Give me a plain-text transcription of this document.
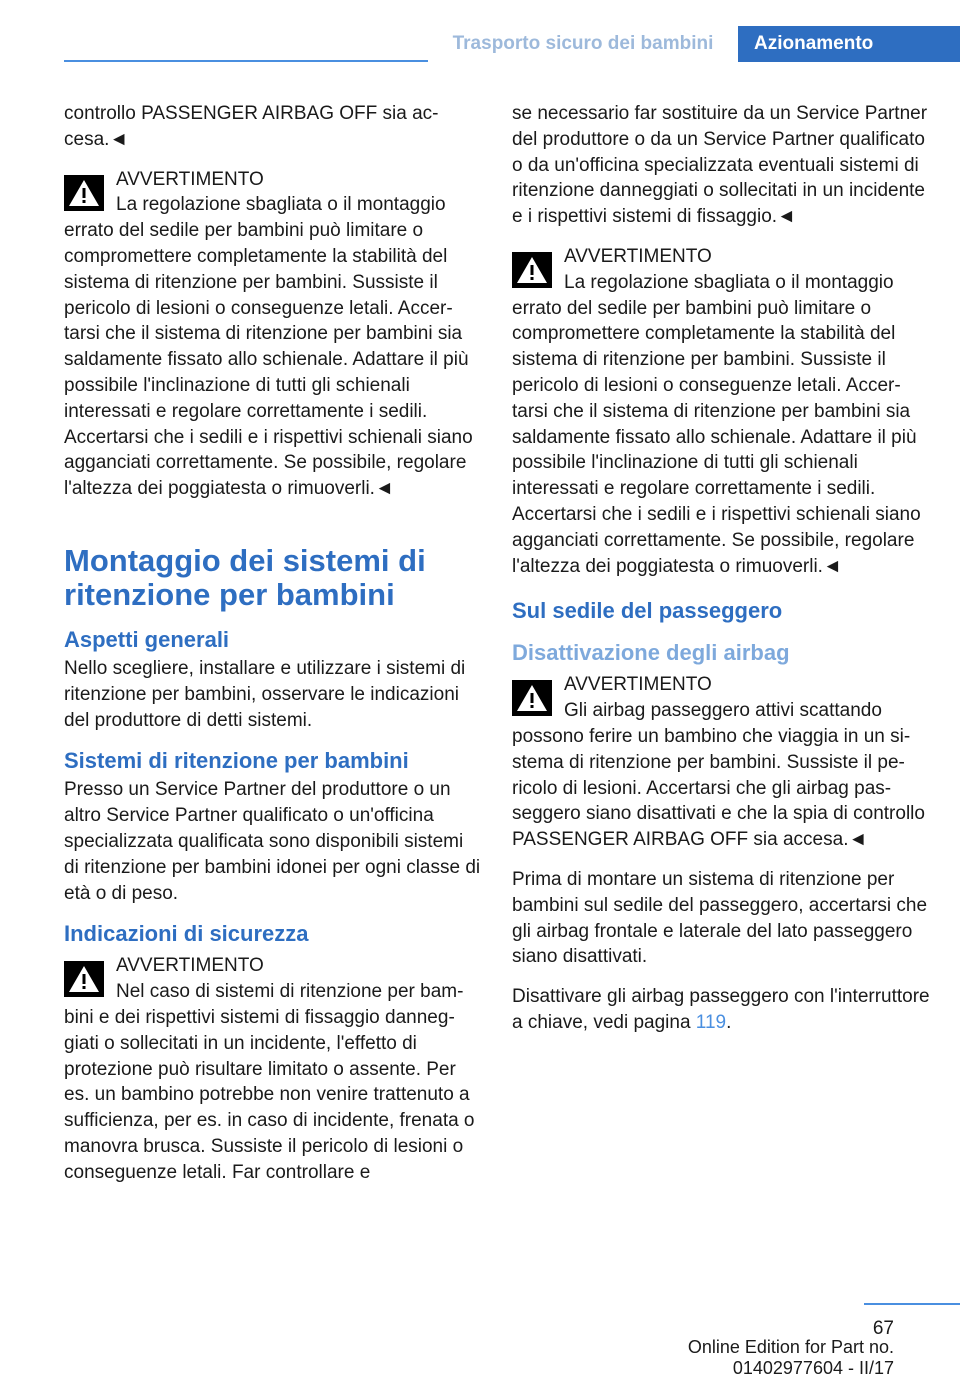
Trasporto sicuro dei bambini	Azionamento

controllo PASSENGER AIRBAG OFF sia accesa.◄

AVVERTIMENTO

La regolazione sbagliata o il montaggio errato del sedile per bambini può limitare o compromettere completamente la stabilità del sistema di ritenzione per bambini. Sussiste il pericolo di lesioni o conseguenze letali. Accertarsi che il sistema di ritenzione per bambini sia saldamente fissato allo schienale. Adattare il più possibile l'inclinazione di tutti gli schienali interessati e regolare correttamente i sedili. Accertarsi che i sedili e i rispettivi schienali siano agganciati correttamente. Se possibile, regolare l'altezza dei poggiatesta o rimuoverli.◄

Montaggio dei sistemi di ritenzione per bambini
Aspetti generali

Nello scegliere, installare e utilizzare i sistemi di ritenzione per bambini, osservare le indicazioni del produttore di detti sistemi.

Sistemi di ritenzione per bambini

Presso un Service Partner del produttore o un altro Service Partner qualificato o un'officina specializzata qualificata sono disponibili sistemi di ritenzione per bambini idonei per ogni classe di età o di peso.

Indicazioni di sicurezza

AVVERTIMENTO

Nel caso di sistemi di ritenzione per bambini e dei rispettivi sistemi di fissaggio danneggiati o sollecitati in un incidente, l'effetto di protezione può risultare limitato o assente. Per es. un bambino potrebbe non venire trattenuto a sufficienza, per es. in caso di incidente, frenata o manovra brusca. Sussiste il pericolo di lesioni o conseguenze letali. Far controllare e

se necessario far sostituire da un Service Partner del produttore o da un Service Partner qualificato o da un'officina specializzata eventuali sistemi di ritenzione danneggiati o sollecitati in un incidente e i rispettivi sistemi di fissaggio.◄

AVVERTIMENTO

La regolazione sbagliata o il montaggio errato del sedile per bambini può limitare o compromettere completamente la stabilità del sistema di ritenzione per bambini. Sussiste il pericolo di lesioni o conseguenze letali. Accertarsi che il sistema di ritenzione per bambini sia saldamente fissato allo schienale. Adattare il più possibile l'inclinazione di tutti gli schienali interessati e regolare correttamente i sedili. Accertarsi che i sedili e i rispettivi schienali siano agganciati correttamente. Se possibile, regolare l'altezza dei poggiatesta o rimuoverli.◄

Sul sedile del passeggero
Disattivazione degli airbag

AVVERTIMENTO

Gli airbag passeggero attivi scattando possono ferire un bambino che viaggia in un sistema di ritenzione per bambini. Sussiste il pericolo di lesioni. Accertarsi che gli airbag passeggero siano disattivati e che la spia di controllo PASSENGER AIRBAG OFF sia accesa.◄

Prima di montare un sistema di ritenzione per bambini sul sedile del passeggero, accertarsi che gli airbag frontale e laterale del lato passeggero siano disattivati.

Disattivare gli airbag passeggero con l'interruttore a chiave, vedi pagina 119.

67
Online Edition for Part no. 01402977604 - II/17
